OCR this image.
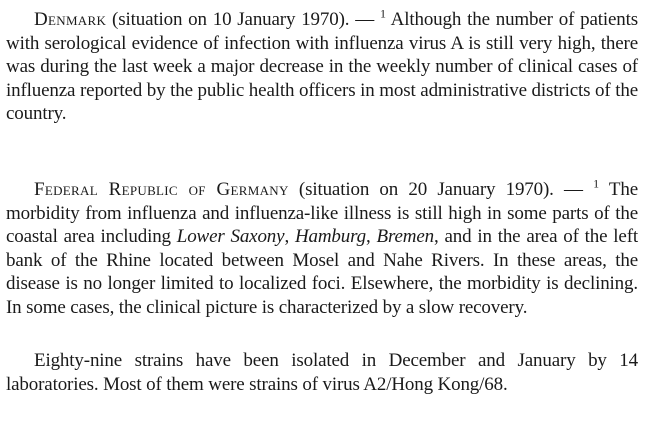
Denmark (situation on 10 January 1970). — $^1$ Although the number of patients with serological evidence of infection with influenza virus A is still very high, there was during the last week a major decrease in the weekly number of clinical cases of influenza reported by the public health officers in most administrative districts of the country.

Federal Republic of Germany (situation on 20 January 1970). — $^1$ The morbidity from influenza and influenza-like illness is still high in some parts of the coastal area including Lower Saxony, Hamburg, Bremen, and in the area of the left bank of the Rhine located between Mosel and Nahe Rivers. In these areas, the disease is no longer limited to localized foci. Elsewhere, the morbidity is declining. In some cases, the clinical picture is characterized by a slow recovery.

Eighty-nine strains have been isolated in December and January by 14 laboratories. Most of them were strains of virus A2/Hong Kong/68.
